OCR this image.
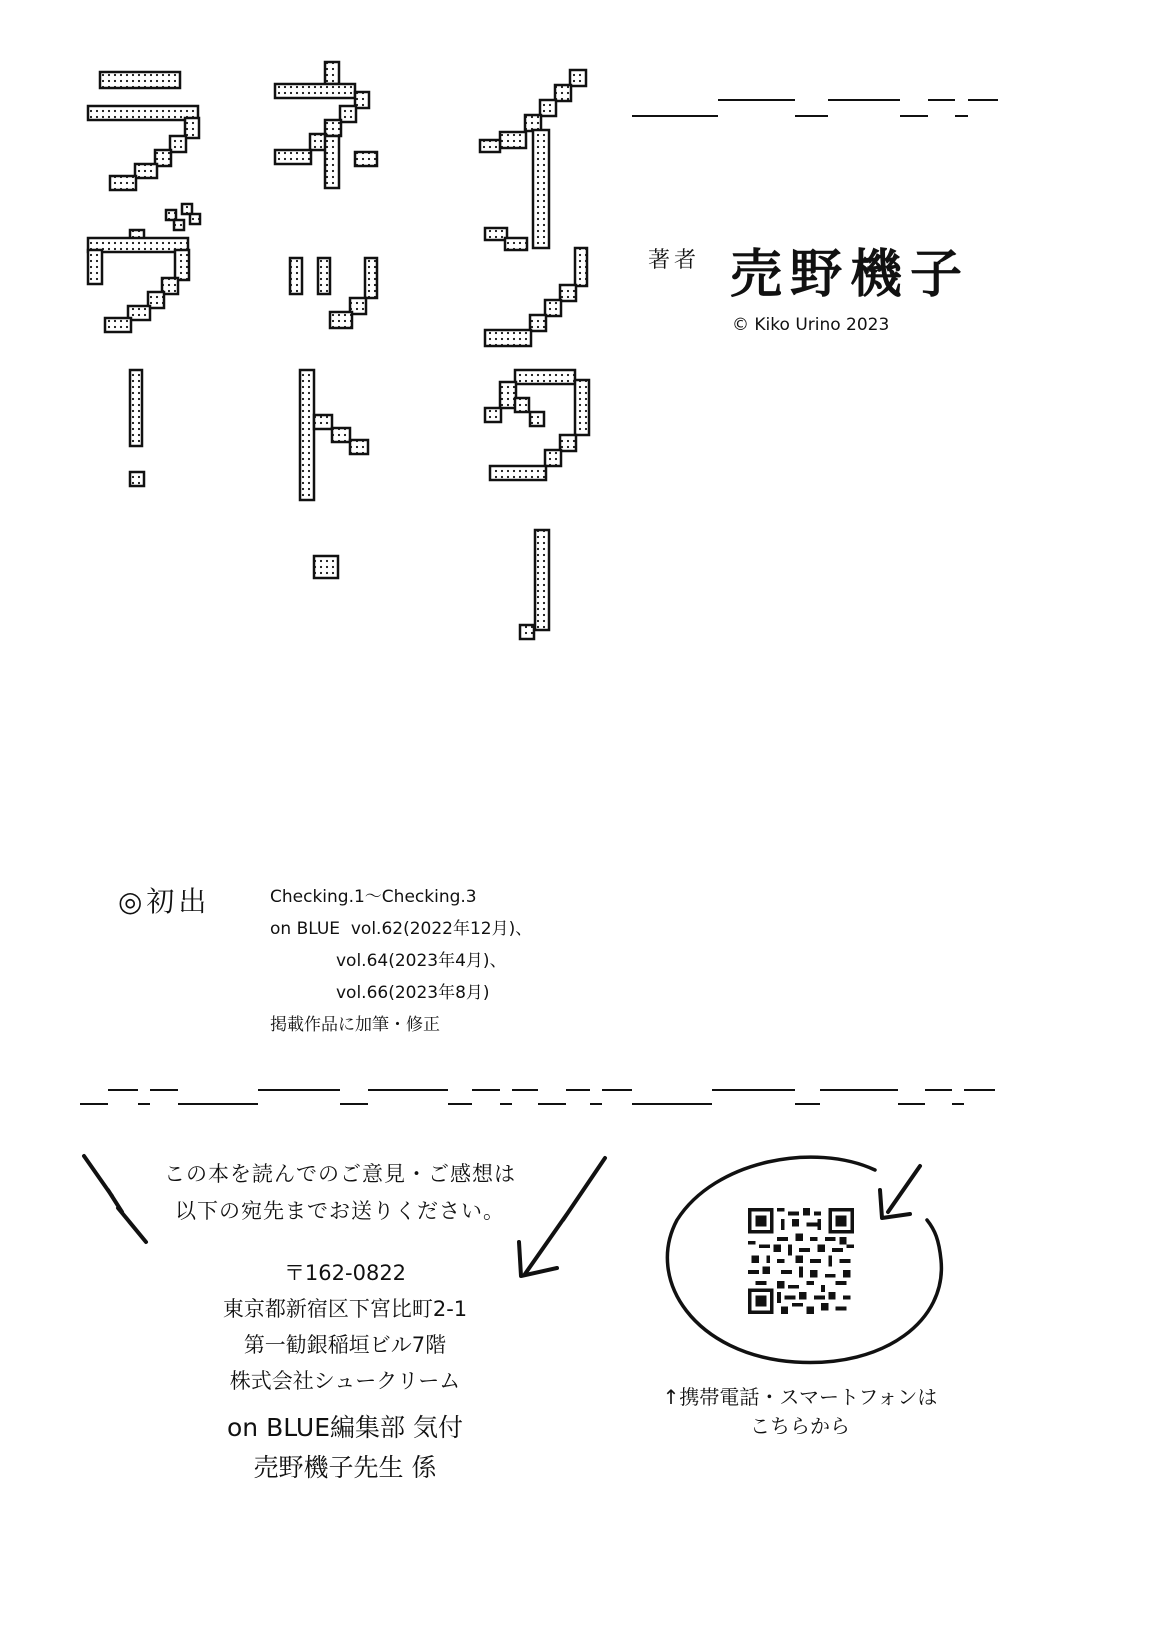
著者 売野機子
© Kiko Urino 2023
◎初出	Checking.1～Checking.3
on BLUE  vol.62(2022年12月)、
vol.64(2023年4月)、
vol.66(2023年8月)
掲載作品に加筆・修正
この本を読んでのご意見・ご感想は
以下の宛先までお送りください。
〒162-0822
東京都新宿区下宮比町2-1
第一勧銀稲垣ビル7階
株式会社シュークリーム
on BLUE編集部 気付
売野機子先生 係
↑携帯電話・スマートフォンは
こちらから
